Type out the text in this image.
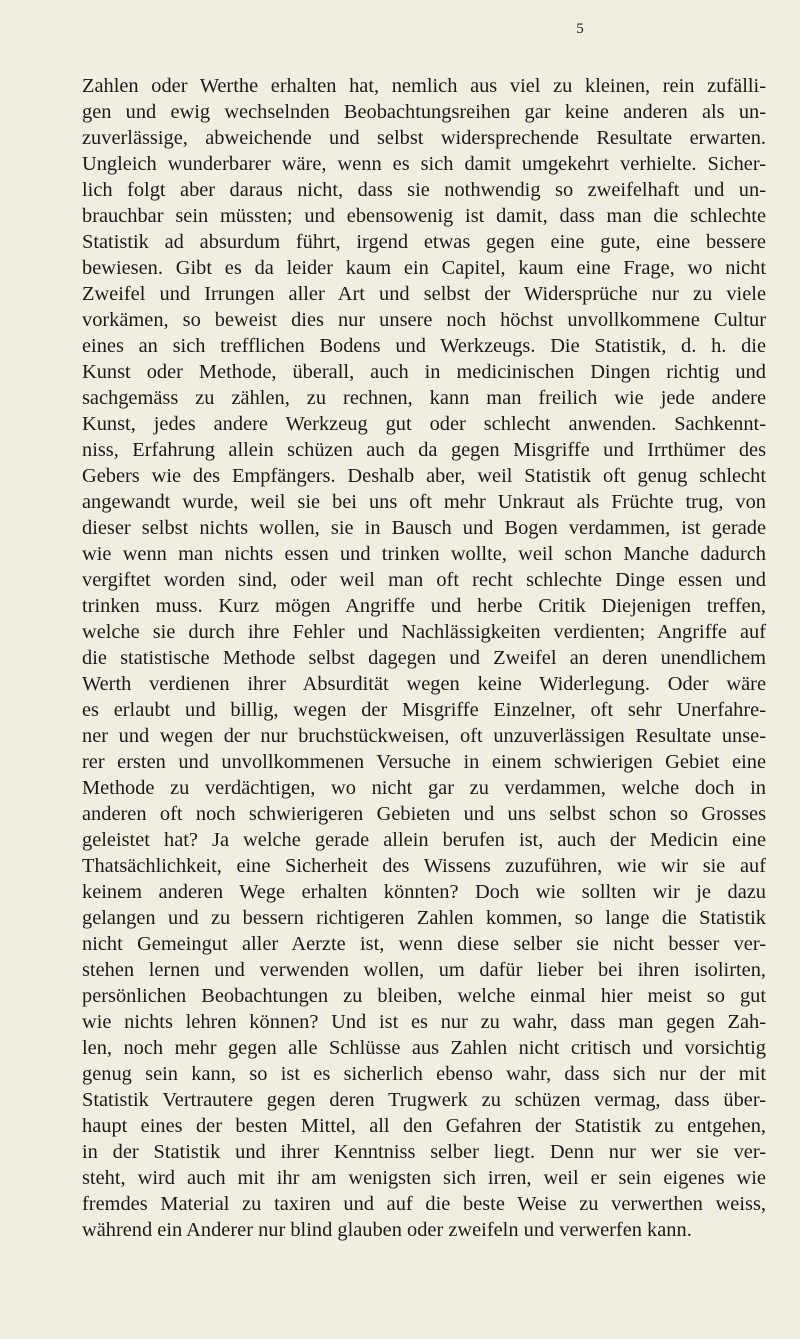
5
Zahlen oder Werthe erhalten hat, nemlich aus viel zu kleinen, rein zufälli-
gen und ewig wechselnden Beobachtungsreihen gar keine anderen als un-
zuverlässige, abweichende und selbst widersprechende Resultate erwarten.
Ungleich wunderbarer wäre, wenn es sich damit umgekehrt verhielte. Sicher-
lich folgt aber daraus nicht, dass sie nothwendig so zweifelhaft und un-
brauchbar sein müssten; und ebensowenig ist damit, dass man die schlechte
Statistik ad absurdum führt, irgend etwas gegen eine gute, eine bessere
bewiesen. Gibt es da leider kaum ein Capitel, kaum eine Frage, wo nicht
Zweifel und Irrungen aller Art und selbst der Widersprüche nur zu viele
vorkämen, so beweist dies nur unsere noch höchst unvollkommene Cultur
eines an sich trefflichen Bodens und Werkzeugs. Die Statistik, d. h. die
Kunst oder Methode, überall, auch in medicinischen Dingen richtig und
sachgemäss zu zählen, zu rechnen, kann man freilich wie jede andere
Kunst, jedes andere Werkzeug gut oder schlecht anwenden. Sachkennt-
niss, Erfahrung allein schüzen auch da gegen Misgriffe und Irrthümer des
Gebers wie des Empfängers. Deshalb aber, weil Statistik oft genug schlecht
angewandt wurde, weil sie bei uns oft mehr Unkraut als Früchte trug, von
dieser selbst nichts wollen, sie in Bausch und Bogen verdammen, ist gerade
wie wenn man nichts essen und trinken wollte, weil schon Manche dadurch
vergiftet worden sind, oder weil man oft recht schlechte Dinge essen und
trinken muss. Kurz mögen Angriffe und herbe Critik Diejenigen treffen,
welche sie durch ihre Fehler und Nachlässigkeiten verdienten; Angriffe auf
die statistische Methode selbst dagegen und Zweifel an deren unendlichem
Werth verdienen ihrer Absurdität wegen keine Widerlegung. Oder wäre
es erlaubt und billig, wegen der Misgriffe Einzelner, oft sehr Unerfahre-
ner und wegen der nur bruchstückweisen, oft unzuverlässigen Resultate unse-
rer ersten und unvollkommenen Versuche in einem schwierigen Gebiet eine
Methode zu verdächtigen, wo nicht gar zu verdammen, welche doch in
anderen oft noch schwierigeren Gebieten und uns selbst schon so Grosses
geleistet hat? Ja welche gerade allein berufen ist, auch der Medicin eine
Thatsächlichkeit, eine Sicherheit des Wissens zuzuführen, wie wir sie auf
keinem anderen Wege erhalten könnten? Doch wie sollten wir je dazu
gelangen und zu bessern richtigeren Zahlen kommen, so lange die Statistik
nicht Gemeingut aller Aerzte ist, wenn diese selber sie nicht besser ver-
stehen lernen und verwenden wollen, um dafür lieber bei ihren isolirten,
persönlichen Beobachtungen zu bleiben, welche einmal hier meist so gut
wie nichts lehren können? Und ist es nur zu wahr, dass man gegen Zah-
len, noch mehr gegen alle Schlüsse aus Zahlen nicht critisch und vorsichtig
genug sein kann, so ist es sicherlich ebenso wahr, dass sich nur der mit
Statistik Vertrautere gegen deren Trugwerk zu schüzen vermag, dass über-
haupt eines der besten Mittel, all den Gefahren der Statistik zu entgehen,
in der Statistik und ihrer Kenntniss selber liegt. Denn nur wer sie ver-
steht, wird auch mit ihr am wenigsten sich irren, weil er sein eigenes wie
fremdes Material zu taxiren und auf die beste Weise zu verwerthen weiss,
während ein Anderer nur blind glauben oder zweifeln und verwerfen kann.
